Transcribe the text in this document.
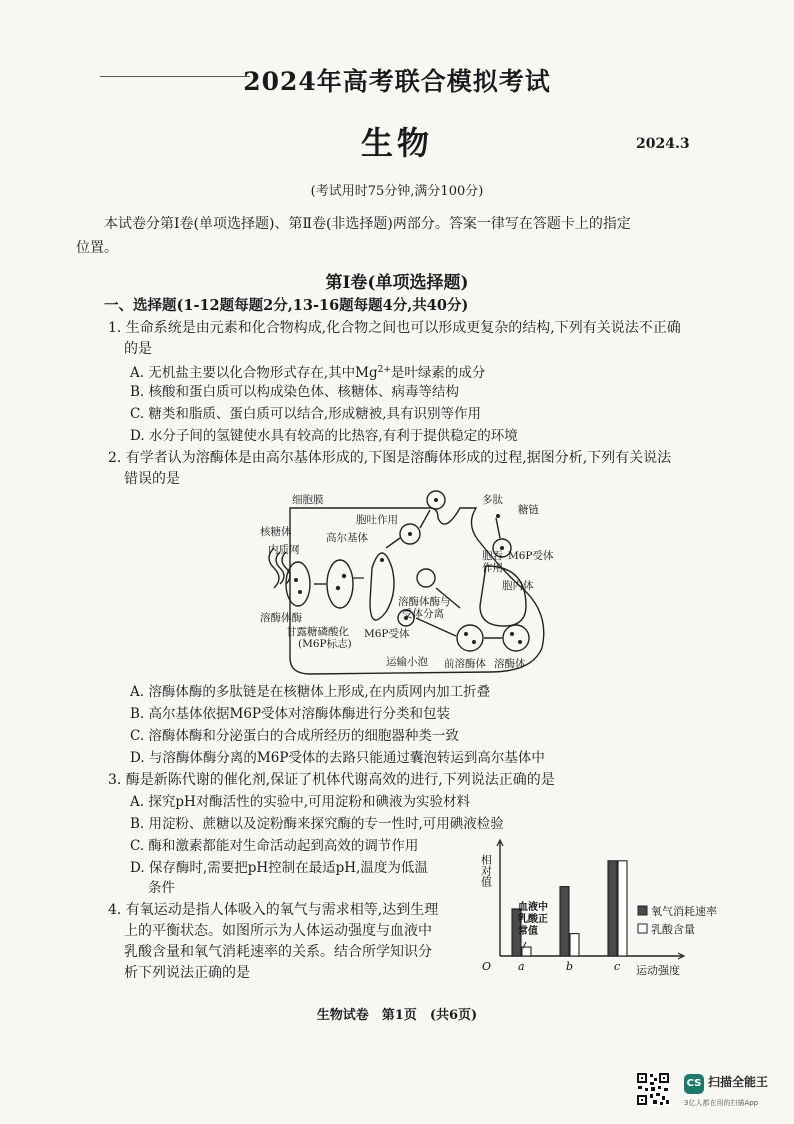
2024年高考联合模拟考试
生物	2024.3
(考试用时75分钟,满分100分)
本试卷分第Ⅰ卷(单项选择题)、第Ⅱ卷(非选择题)两部分。答案一律写在答题卡上的指定
位置。
第Ⅰ卷(单项选择题)
一、选择题(1-12题每题2分,13-16题每题4分,共40分)
1. 生命系统是由元素和化合物构成,化合物之间也可以形成更复杂的结构,下列有关说法不正确
的是
A. 无机盐主要以化合物形式存在,其中$Mg^{2+}$是叶绿素的成分
B. 核酸和蛋白质可以构成染色体、核糖体、病毒等结构
C. 糖类和脂质、蛋白质可以结合,形成糖被,具有识别等作用
D. 水分子间的氢键使水具有较高的比热容,有利于提供稳定的环境
2. 有学者认为溶酶体是由高尔基体形成的,下图是溶酶体形成的过程,据图分析,下列有关说法
错误的是
细胞膜
胞吐作用
多肽
糖链
核糖体	高尔基体
内质网	胞吞
作用
M6P受体
胞内体
溶酶体酶
溶酶体酶与
受体分离
甘露糖磷酸化
(M6P标志)
M6P受体
运输小泡 前溶酶体 溶酶体
A. 溶酶体酶的多肽链是在核糖体上形成,在内质网内加工折叠
B. 高尔基体依据M6P受体对溶酶体酶进行分类和包装
C. 溶酶体酶和分泌蛋白的合成所经历的细胞器种类一致
D. 与溶酶体酶分离的M6P受体的去路只能通过囊泡转运到高尔基体中
3. 酶是新陈代谢的催化剂,保证了机体代谢高效的进行,下列说法正确的是
A. 探究pH对酶活性的实验中,可用淀粉和碘液为实验材料
B. 用淀粉、蔗糖以及淀粉酶来探究酶的专一性时,可用碘液检验
C. 酶和激素都能对生命活动起到高效的调节作用
D. 保存酶时,需要把pH控制在最适pH,温度为低温
条件
4. 有氧运动是指人体吸入的氧气与需求相等,达到生理
上的平衡状态。如图所示为人体运动强度与血液中
乳酸含量和氧气消耗速率的关系。结合所学知识分
析下列说法正确的是
相对值
O	运动强度
a	b	c
血液中
乳酸正
常值
氧气消耗速率
乳酸含量
生物试卷　第1页　(共6页)
CS 扫描全能王
3亿人都在用的扫描App
